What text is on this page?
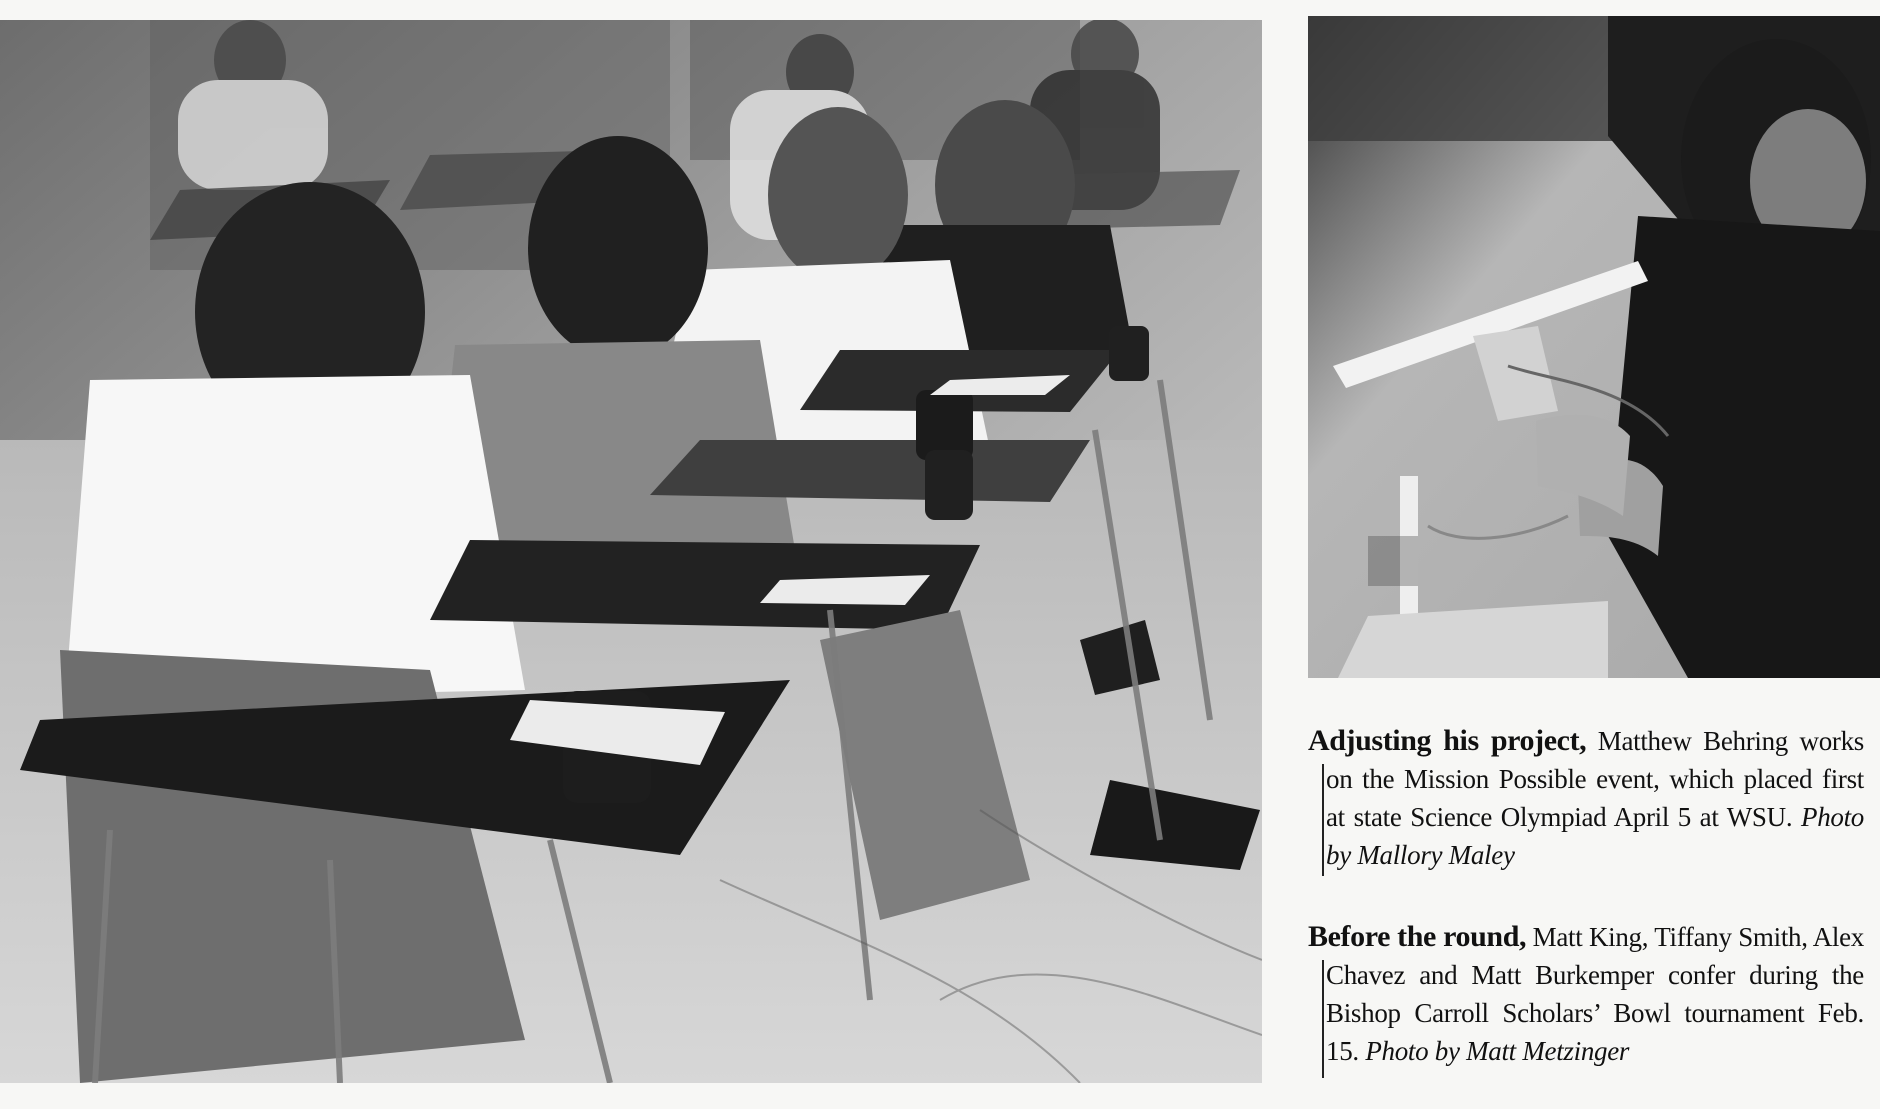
Adjusting his project, Matthew Behring works on the Mission Possible event, which placed first at state Science Olympiad April 5 at WSU. Photo by Mallory Maley
Before the round, Matt King, Tiffany Smith, Alex Chavez and Matt Burkemper confer during the Bishop Carroll Scholars’ Bowl tournament Feb. 15. Photo by Matt Metzinger
